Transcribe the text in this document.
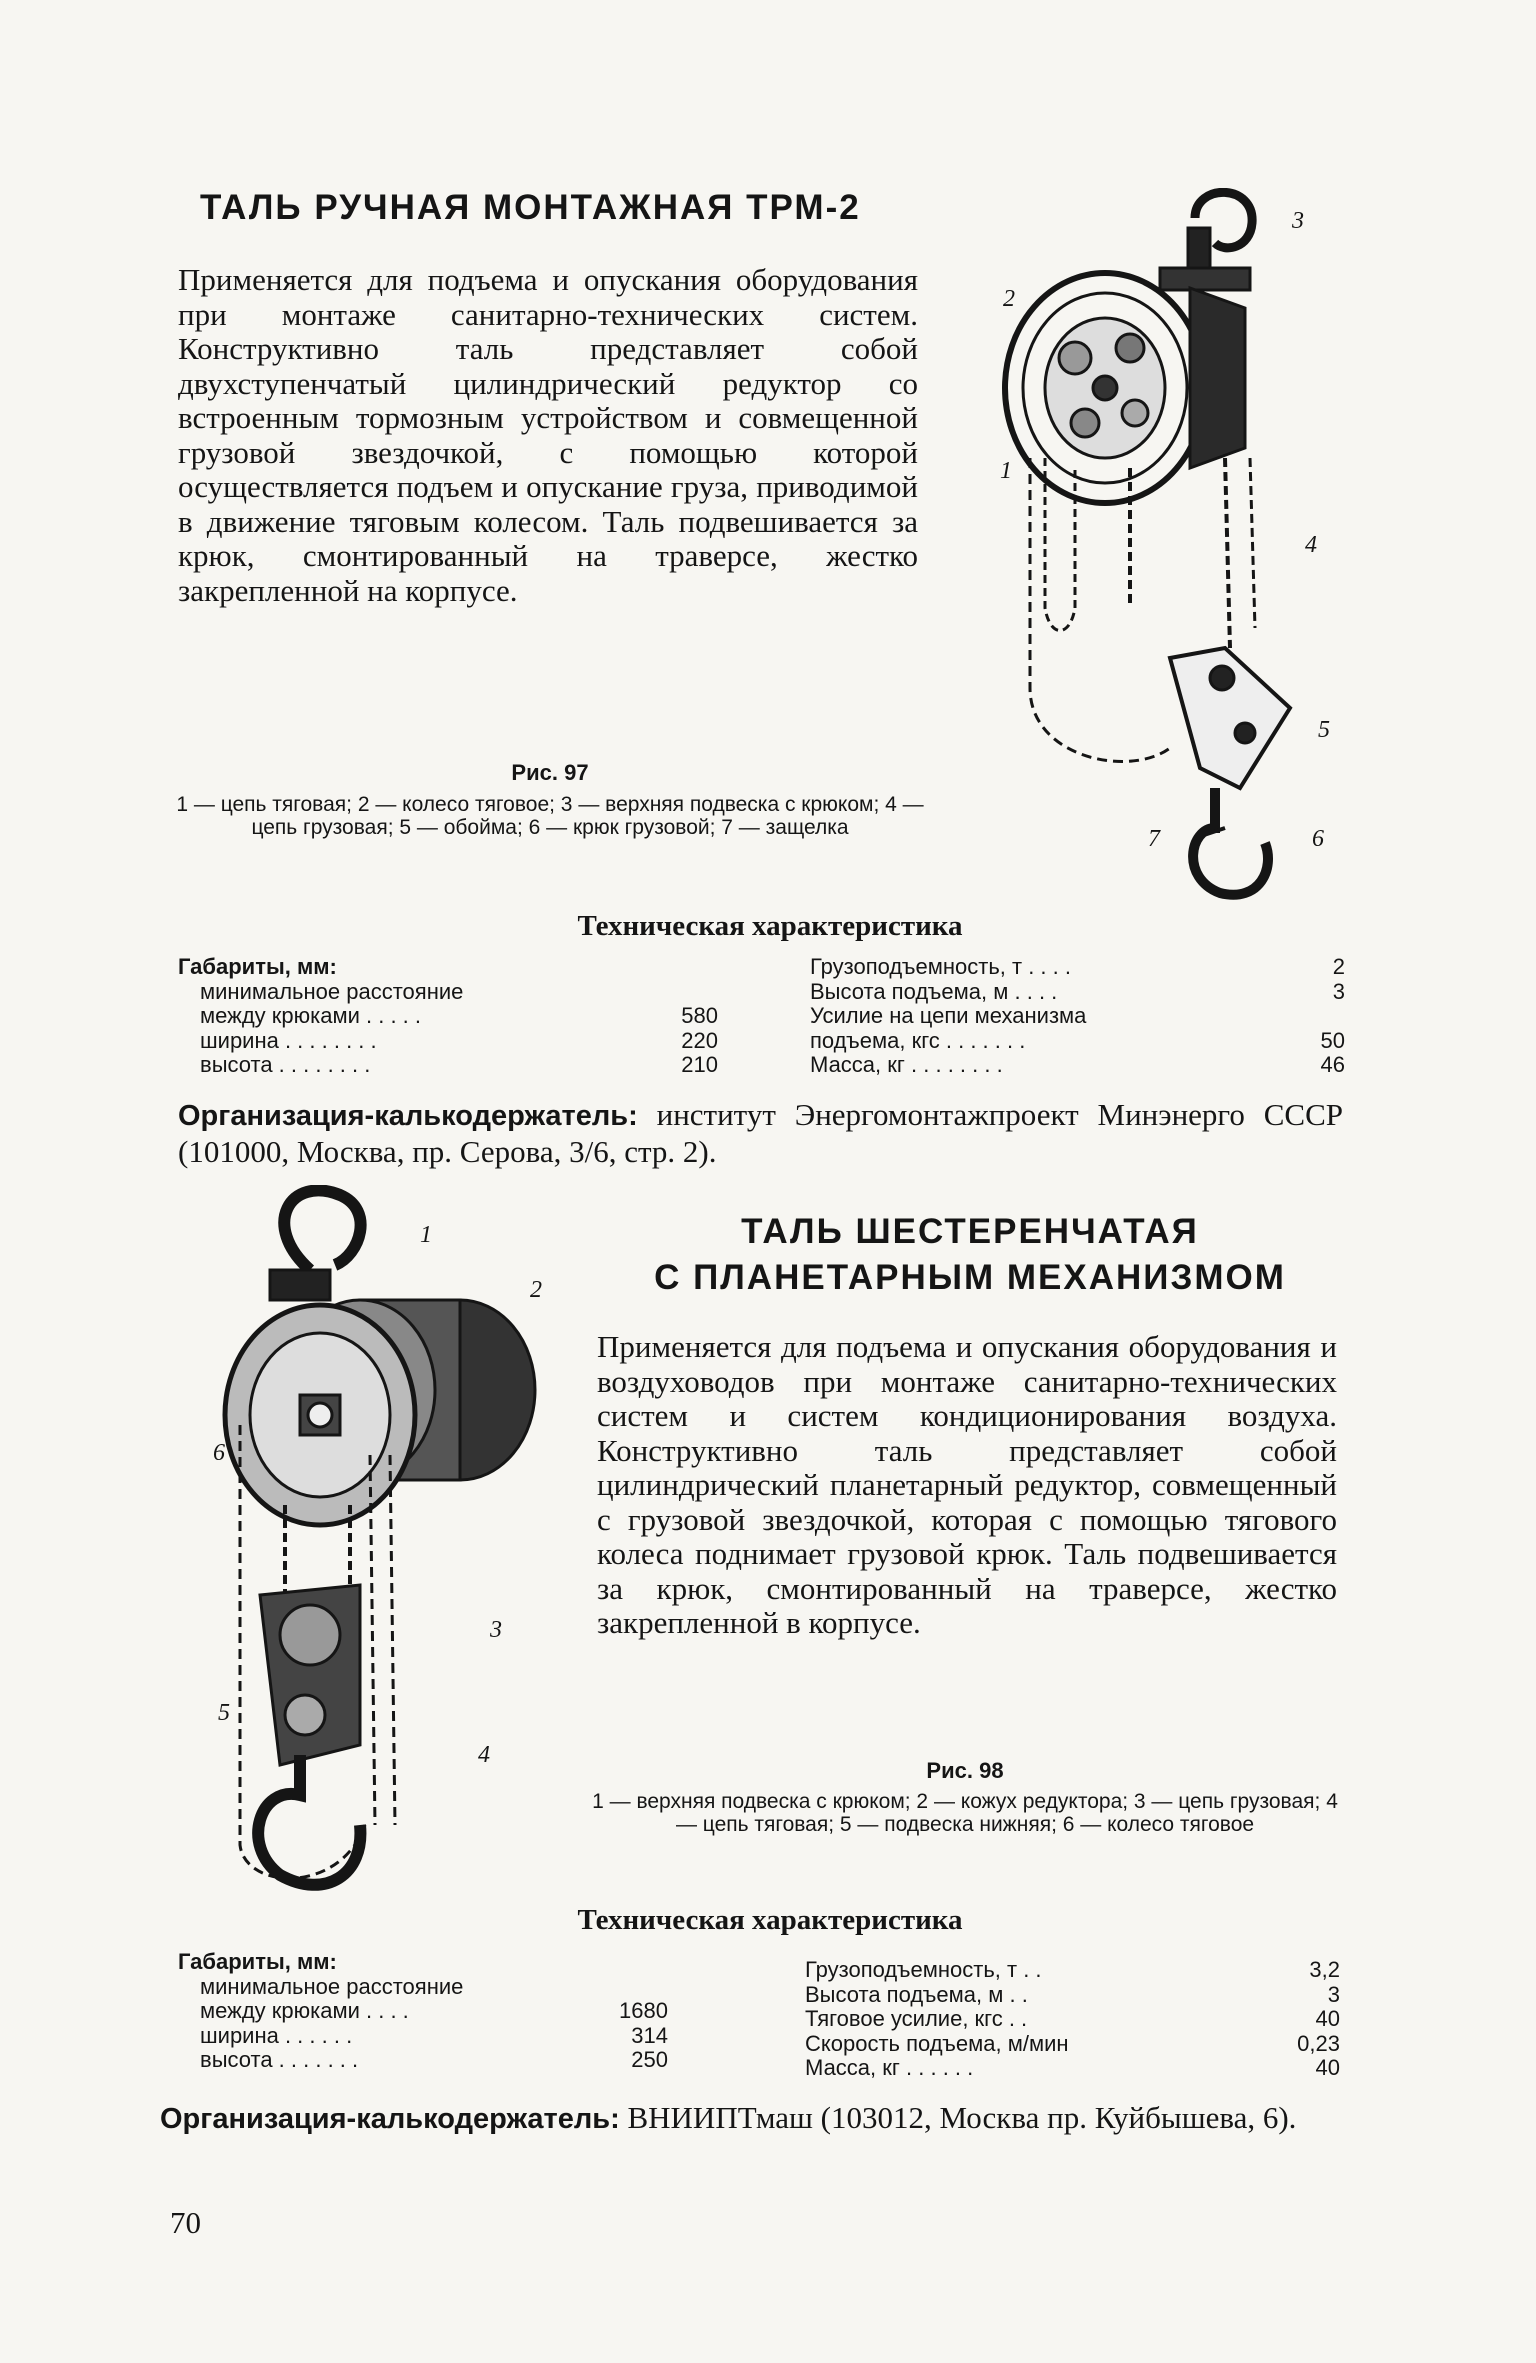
ТАЛЬ РУЧНАЯ МОНТАЖНАЯ ТРМ-2

Применяется для подъема и опускания оборудования при монтаже санитарно-технических систем. Конструктивно таль представляет собой двухступенчатый цилиндрический редуктор со встроенным тормозным устройством и совмещенной грузовой звездочкой, с помощью которой осуществляется подъем и опускание груза, приводимой в движение тяговым колесом. Таль подвешивается за крюк, смонтированный на траверсе, жестко закрепленной на корпусе.

3
2
1
4
5
7	6
Рис. 97
1 — цепь тяговая; 2 — колесо тяговое; 3 — верхняя подвеска с крюком; 4 — цепь грузовая; 5 — обойма; 6 — крюк грузовой; 7 — защелка
Техническая характеристика
Габариты, мм:
минимальное расстояние
между крюками . . . . .	580
ширина . . . . . . . .	220
высота . . . . . . . .	210
Грузоподъемность, т . . . .	2
Высота подъема, м . . . .	3
Усилие на цепи механизма
подъема, кгс . . . . . . .	50
Масса, кг . . . . . . . .	46

Организация-калькодержатель: институт Энергомонтажпроект Минэнерго СССР (101000, Москва, пр. Серова, 3/6, стр. 2).

1
2
6
3
5
4
ТАЛЬ ШЕСТЕРЕНЧАТАЯ
С ПЛАНЕТАРНЫМ МЕХАНИЗМОМ

Применяется для подъема и опускания оборудования и воздуховодов при монтаже санитарно-технических систем и систем кондиционирования воздуха. Конструктивно таль представляет собой цилиндрический планетарный редуктор, совмещенный с грузовой звездочкой, которая с помощью тягового колеса поднимает грузовой крюк. Таль подвешивается за крюк, смонтированный на траверсе, жестко закрепленной в корпусе.

Рис. 98
1 — верхняя подвеска с крюком; 2 — кожух редуктора; 3 — цепь грузовая; 4 — цепь тяговая; 5 — подвеска нижняя; 6 — колесо тяговое
Техническая характеристика
Габариты, мм:
минимальное расстояние
между крюками . . . .	1680
ширина . . . . . .	314
высота . . . . . . .	250
Грузоподъемность, т . .	3,2
Высота подъема, м . .	3
Тяговое усилие, кгс . .	40
Скорость подъема, м/мин	0,23
Масса, кг . . . . . .	40

Организация-калькодержатель: ВНИИПТмаш (103012, Москва пр. Куйбышева, 6).

70
